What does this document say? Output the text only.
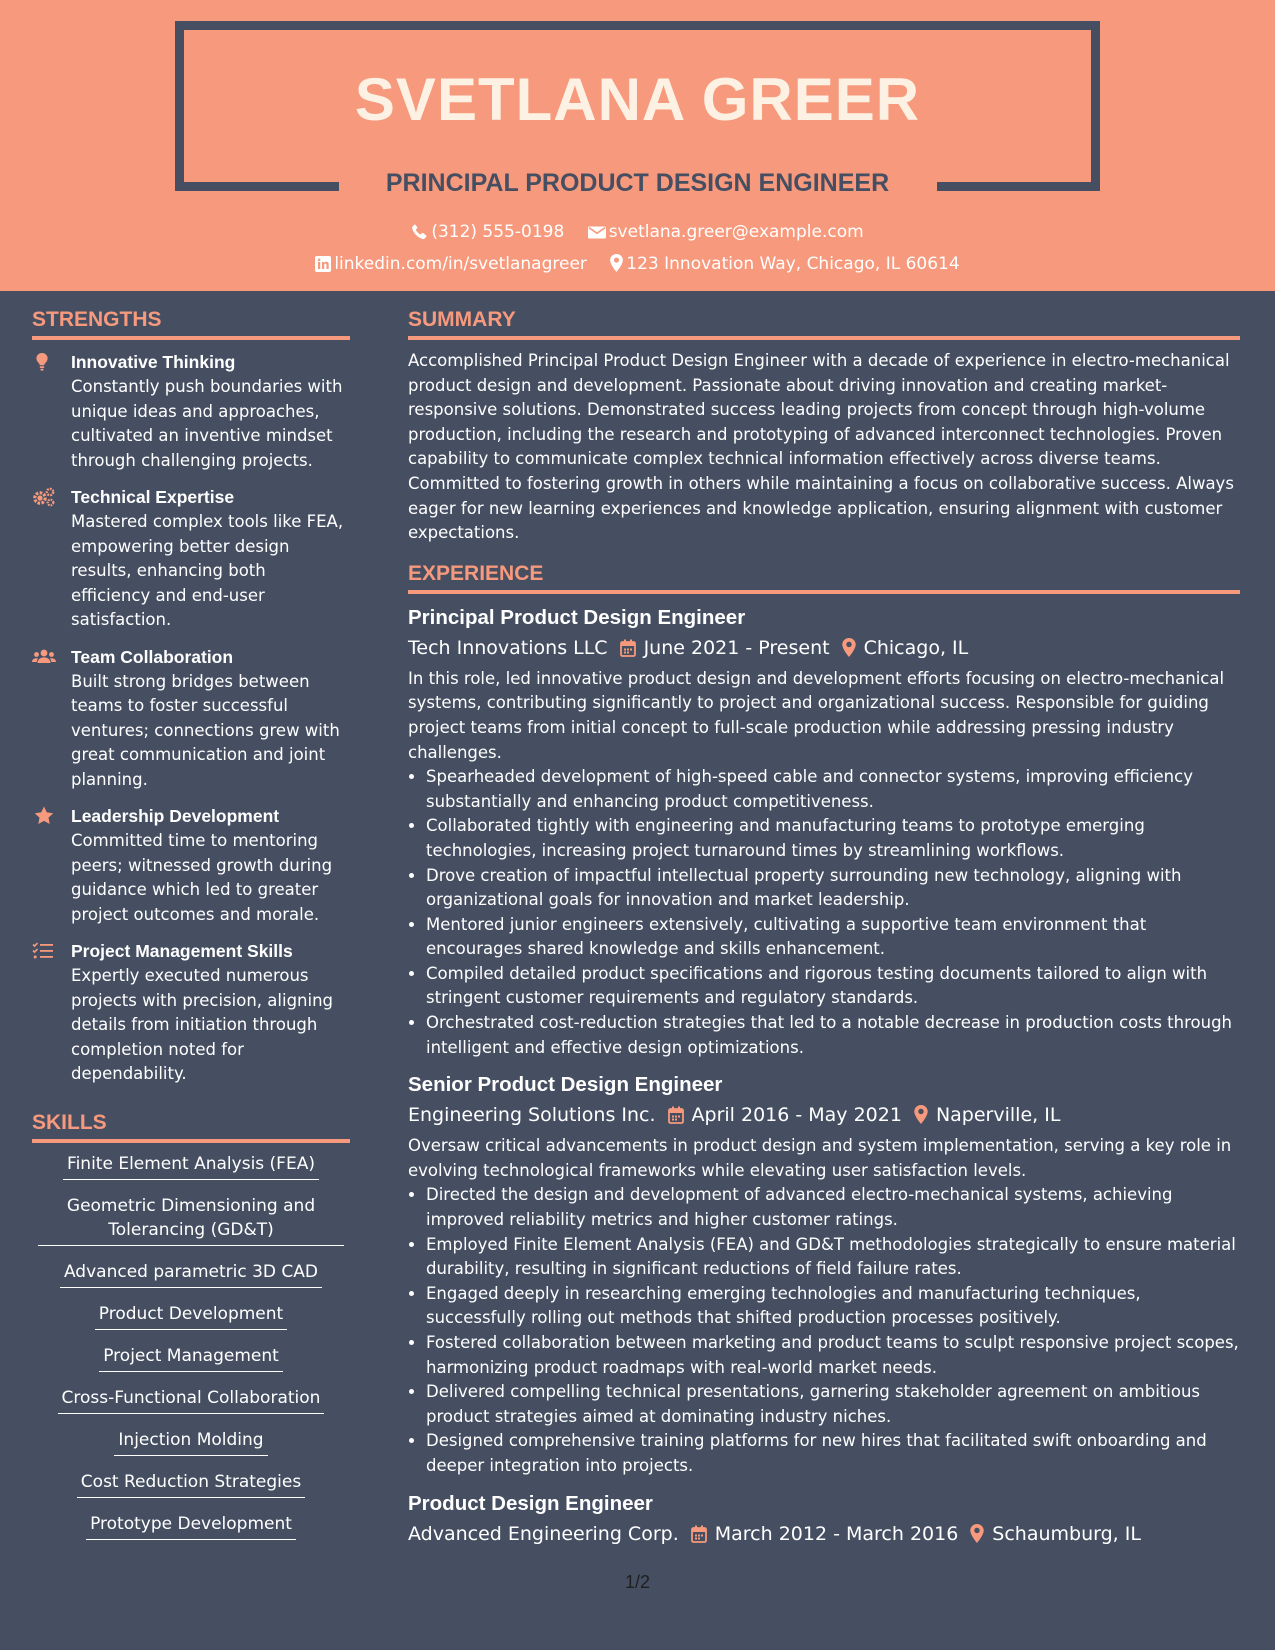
SVETLANA GREER
PRINCIPAL PRODUCT DESIGN ENGINEER
(312) 555-0198	svetlana.greer@example.com
linkedin.com/in/svetlanagreer 123 Innovation Way, Chicago, IL 60614
STRENGTHS
Innovative Thinking
Constantly push boundaries with unique ideas and approaches, cultivated an inventive mindset through challenging projects.
Technical Expertise
Mastered complex tools like FEA, empowering better design results, enhancing both efficiency and end-user satisfaction.
Team Collaboration
Built strong bridges between teams to foster successful ventures; connections grew with great communication and joint planning.
Leadership Development
Committed time to mentoring peers; witnessed growth during guidance which led to greater project outcomes and morale.
Project Management Skills
Expertly executed numerous projects with precision, aligning details from initiation through completion noted for dependability.
SKILLS
Finite Element Analysis (FEA)
Geometric Dimensioning and Tolerancing (GD&T)
Advanced parametric 3D CAD
Product Development
Project Management
Cross-Functional Collaboration
Injection Molding
Cost Reduction Strategies
Prototype Development
SUMMARY
Accomplished Principal Product Design Engineer with a decade of experience in electro-mechanical product design and development. Passionate about driving innovation and creating market-responsive solutions. Demonstrated success leading projects from concept through high-volume production, including the research and prototyping of advanced interconnect technologies. Proven capability to communicate complex technical information effectively across diverse teams. Committed to fostering growth in others while maintaining a focus on collaborative success. Always eager for new learning experiences and knowledge application, ensuring alignment with customer expectations.
EXPERIENCE
Principal Product Design Engineer
Tech Innovations LLC June 2021 - Present Chicago, IL
In this role, led innovative product design and development efforts focusing on electro-mechanical systems, contributing significantly to project and organizational success. Responsible for guiding project teams from initial concept to full-scale production while addressing pressing industry challenges.
• Spearheaded development of high-speed cable and connector systems, improving efficiency substantially and enhancing product competitiveness.
• Collaborated tightly with engineering and manufacturing teams to prototype emerging technologies, increasing project turnaround times by streamlining workflows.
• Drove creation of impactful intellectual property surrounding new technology, aligning with organizational goals for innovation and market leadership.
• Mentored junior engineers extensively, cultivating a supportive team environment that encourages shared knowledge and skills enhancement.
• Compiled detailed product specifications and rigorous testing documents tailored to align with stringent customer requirements and regulatory standards.
• Orchestrated cost-reduction strategies that led to a notable decrease in production costs through intelligent and effective design optimizations.
Senior Product Design Engineer
Engineering Solutions Inc. April 2016 - May 2021 Naperville, IL
Oversaw critical advancements in product design and system implementation, serving a key role in evolving technological frameworks while elevating user satisfaction levels.
• Directed the design and development of advanced electro-mechanical systems, achieving improved reliability metrics and higher customer ratings.
• Employed Finite Element Analysis (FEA) and GD&T methodologies strategically to ensure material durability, resulting in significant reductions of field failure rates.
• Engaged deeply in researching emerging technologies and manufacturing techniques, successfully rolling out methods that shifted production processes positively.
• Fostered collaboration between marketing and product teams to sculpt responsive project scopes, harmonizing product roadmaps with real-world market needs.
• Delivered compelling technical presentations, garnering stakeholder agreement on ambitious product strategies aimed at dominating industry niches.
• Designed comprehensive training platforms for new hires that facilitated swift onboarding and deeper integration into projects.
Product Design Engineer
Advanced Engineering Corp. March 2012 - March 2016 Schaumburg, IL
1/2
